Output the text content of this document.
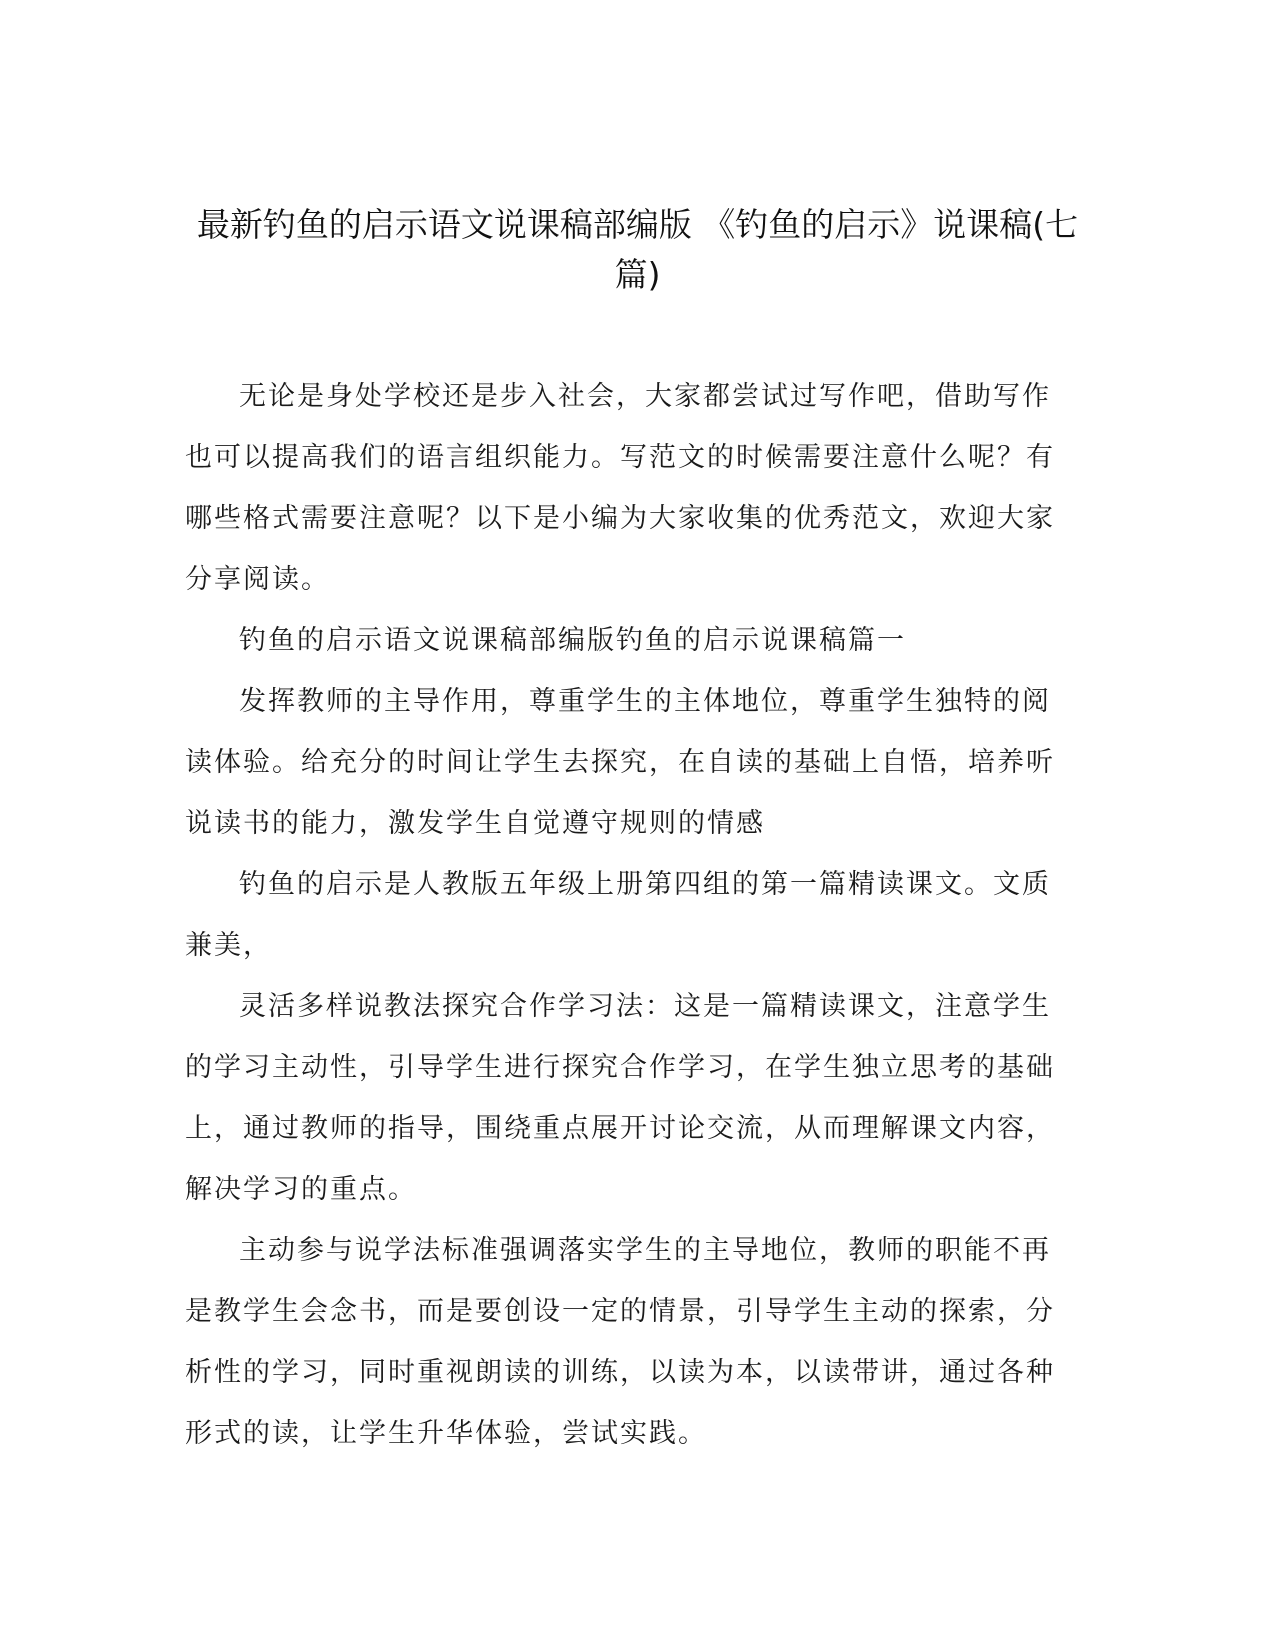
最新钓鱼的启示语文说课稿部编版 《钓鱼的启示》说课稿(七篇)

无论是身处学校还是步入社会，大家都尝试过写作吧，借助写作也可以提高我们的语言组织能力。写范文的时候需要注意什么呢？有哪些格式需要注意呢？以下是小编为大家收集的优秀范文，欢迎大家分享阅读。

钓鱼的启示语文说课稿部编版钓鱼的启示说课稿篇一

发挥教师的主导作用，尊重学生的主体地位，尊重学生独特的阅读体验。给充分的时间让学生去探究，在自读的基础上自悟，培养听说读书的能力，激发学生自觉遵守规则的情感

钓鱼的启示是人教版五年级上册第四组的第一篇精读课文。文质兼美，

灵活多样说教法探究合作学习法：这是一篇精读课文，注意学生的学习主动性，引导学生进行探究合作学习，在学生独立思考的基础上，通过教师的指导，围绕重点展开讨论交流，从而理解课文内容，解决学习的重点。

主动参与说学法标准强调落实学生的主导地位，教师的职能不再是教学生会念书，而是要创设一定的情景，引导学生主动的探索，分析性的学习，同时重视朗读的训练，以读为本，以读带讲，通过各种形式的读，让学生升华体验，尝试实践。
